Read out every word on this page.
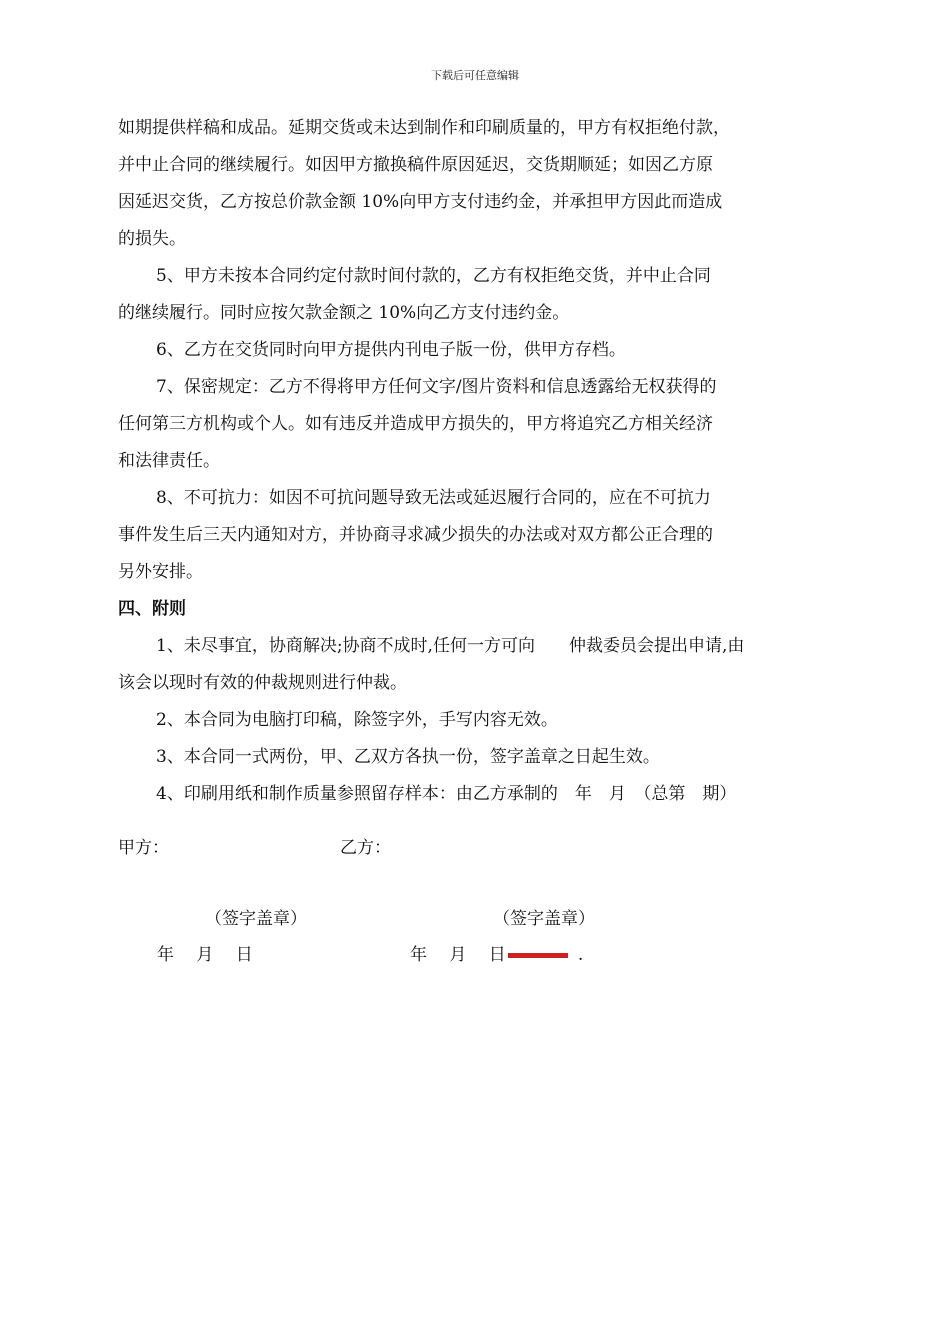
下载后可任意编辑

如期提供样稿和成品。延期交货或未达到制作和印刷质量的，甲方有权拒绝付款，

并中止合同的继续履行。如因甲方撤换稿件原因延迟，交货期顺延；如因乙方原

因延迟交货，乙方按总价款金额 10%向甲方支付违约金，并承担甲方因此而造成

的损失。

5、甲方未按本合同约定付款时间付款的，乙方有权拒绝交货，并中止合同

的继续履行。同时应按欠款金额之 10%向乙方支付违约金。

6、乙方在交货同时向甲方提供内刊电子版一份，供甲方存档。

7、保密规定：乙方不得将甲方任何文字/图片资料和信息透露给无权获得的

任何第三方机构或个人。如有违反并造成甲方损失的，甲方将追究乙方相关经济

和法律责任。

8、不可抗力：如因不可抗问题导致无法或延迟履行合同的，应在不可抗力

事件发生后三天内通知对方，并协商寻求减少损失的办法或对双方都公正合理的

另外安排。

四、附则

1、未尽事宜，协商解决;协商不成时,任何一方可向　　仲裁委员会提出申请,由

该会以现时有效的仲裁规则进行仲裁。

2、本合同为电脑打印稿，除签字外，手写内容无效。

3、本合同一式两份，甲、乙双方各执一份，签字盖章之日起生效。

4、印刷用纸和制作质量参照留存样本：由乙方承制的　年　月　（总第　期）

甲方：	乙方：
（签字盖章）	（签字盖章）
年　 月　 日	年　 月　 日	.
